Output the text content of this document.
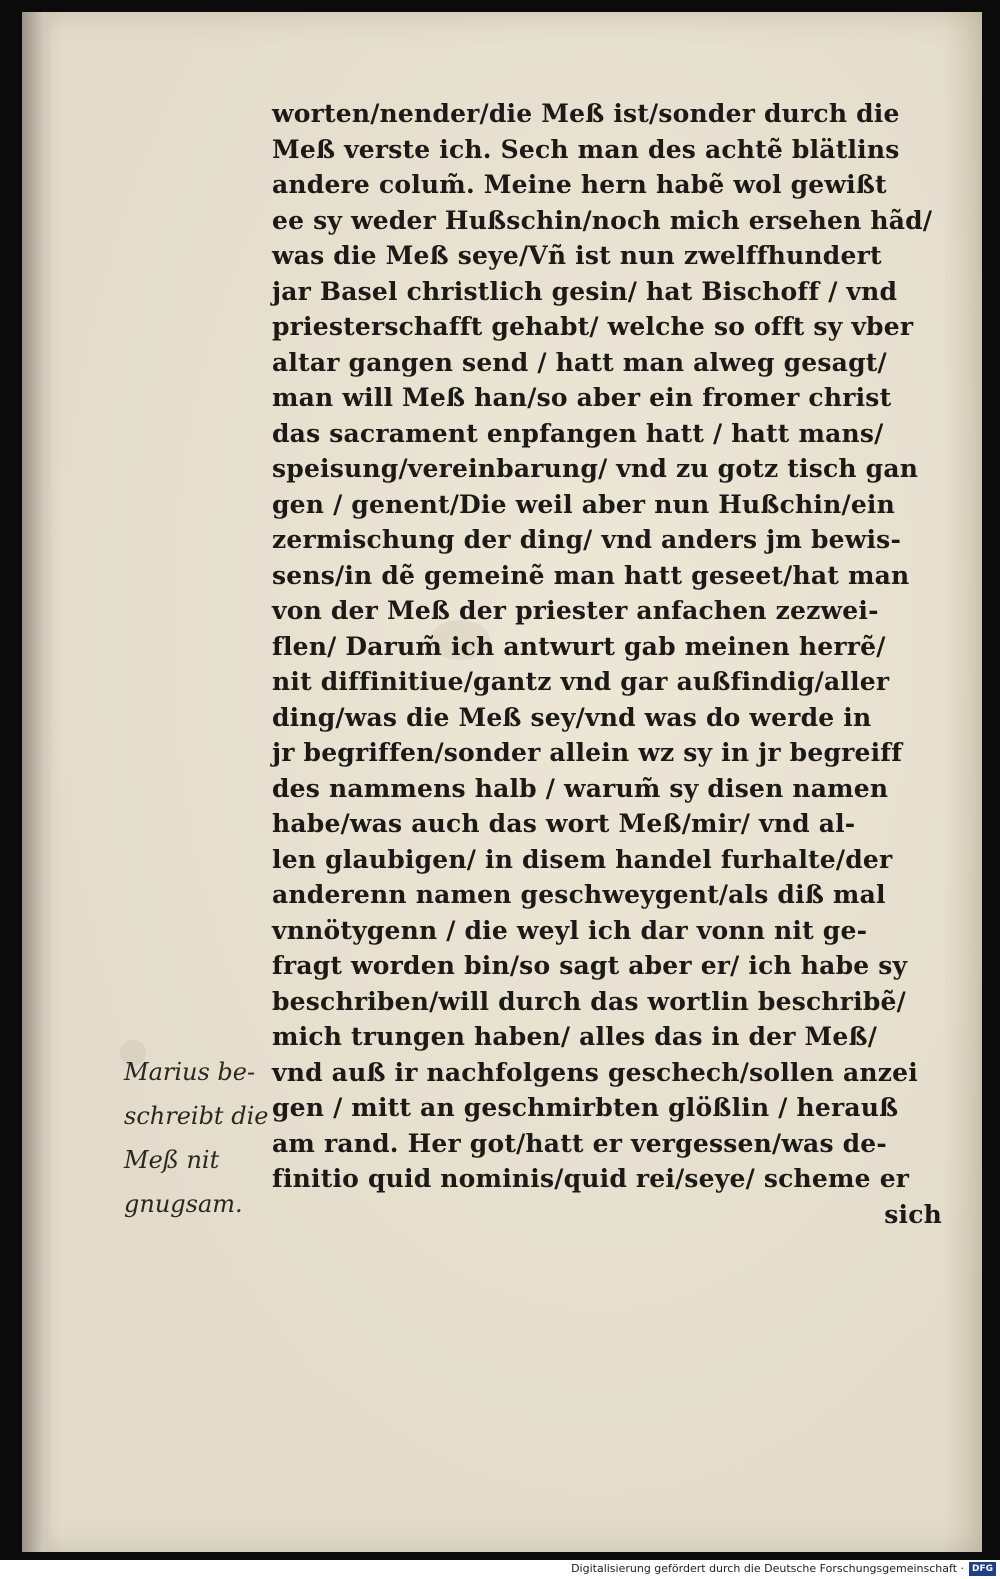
worten/nender/die Meß ist/sonder durch die
Meß verste ich. Sech man des achtẽ blätlins
andere colum̃. Meine hern habẽ wol gewißt
ee sy weder Hußschin/noch mich ersehen hãd/
was die Meß seye/Vñ ist nun zwelffhundert
jar Basel christlich gesin/ hat Bischoff / vnd
priesterschafft gehabt/ welche so offt sy vber
altar gangen send / hatt man alweg gesagt/
man will Meß han/so aber ein fromer christ
das sacrament enpfangen hatt / hatt mans/
speisung/vereinbarung/ vnd zu gotz tisch gan
gen / genent/Die weil aber nun Hußchin/ein
zermischung der ding/ vnd anders jm bewis-
sens/in dẽ gemeinẽ man hatt geseet/hat man
von der Meß der priester anfachen zezwei-
flen/ Darum̃ ich antwurt gab meinen herrẽ/
nit diffinitiue/gantz vnd gar außfindig/aller
ding/was die Meß sey/vnd was do werde in
jr begriffen/sonder allein wz sy in jr begreiff
des nammens halb / warum̃ sy disen namen
habe/was auch das wort Meß/mir/ vnd al-
len glaubigen/ in disem handel furhalte/der
anderenn namen geschweygent/als diß mal
vnnötygenn / die weyl ich dar vonn nit ge-
fragt worden bin/so sagt aber er/ ich habe sy
beschriben/will durch das wortlin beschribẽ/
mich trungen haben/ alles das in der Meß/
vnd auß ir nachfolgens geschech/sollen anzei
gen / mitt an geschmirbten glößlin / herauß
am rand. Her got/hatt er vergessen/was de-
finitio quid nominis/quid rei/seye/ scheme er
sich
Marius be-
schreibt die
Meß nit
gnugsam.
Digitalisierung gefördert durch die Deutsche Forschungsgemeinschaft · DFG
